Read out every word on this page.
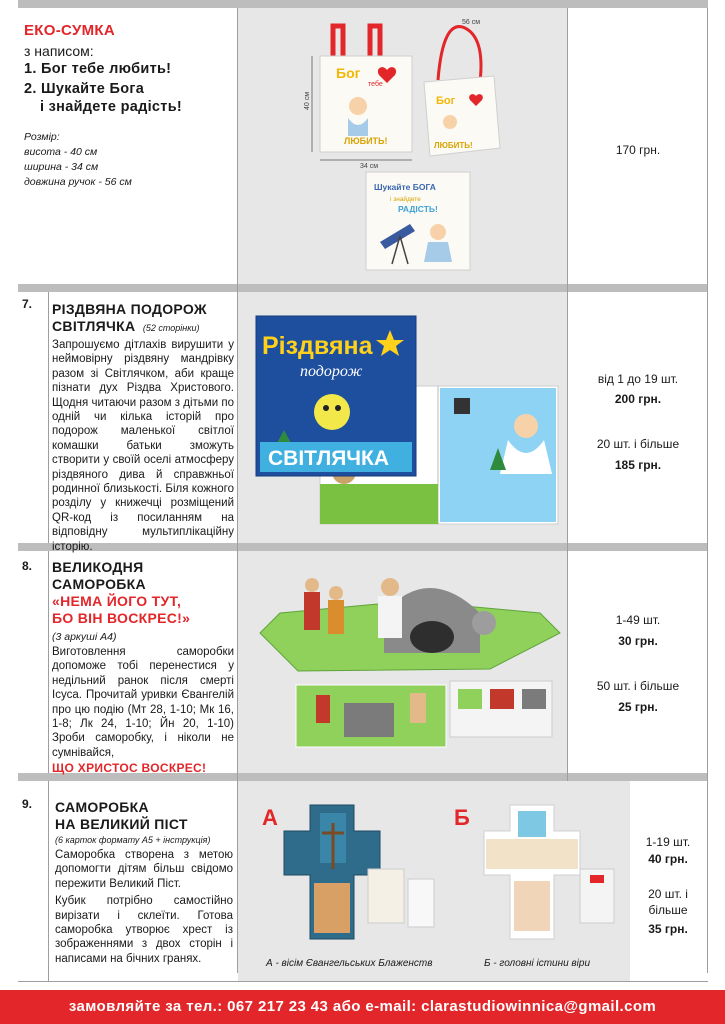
ЕКО-СУМКА
з написом:
1. Бог тебе любить!
2. Шукайте Бога
і знайдете радість!
Розмір:
висота - 40 см
ширина - 34 см
довжина ручок - 56 см
Бог
тебе
ЛЮБИТЬ!
40 см
34 см
Бог
ЛЮБИТЬ!
56 см
Шукайте БОГА
і знайдете
РАДІСТЬ!
170 грн.
7. РІЗДВЯНА ПОДОРОЖ
СВІТЛЯЧКА (52 сторінки)
Запрошуємо дітлахів вирушити у неймовірну різдвяну мандрівку разом зі Світлячком, аби краще пізнати дух Різдва Христового. Щодня читаючи разом з дітьми по одній чи кілька історій про подорож маленької світлої комашки батьки зможуть створити у своїй оселі атмосферу різдвяного дива й справжньої родинної близькості. Біля кожного розділу у книжечці розміщений QR-код із посиланням на відповідну мультиплікаційну історію.
Різдвяна
подорож
СВІТЛЯЧКА
від 1 до 19 шт.
200 грн.
20 шт. і більше
185 грн.
8. ВЕЛИКОДНЯ САМОРОБКА
«НЕМА ЙОГО ТУТ,
БО ВІН ВОСКРЕС!»
(3 аркуші А4)
Виготовлення саморобки допоможе тобі перенестися у недільний ранок після смерті Ісуса. Прочитай уривки Євангелій про цю подію (Мт 28, 1-10; Мк 16, 1-8; Лк 24, 1-10; Йн 20, 1-10) Зроби саморобку, і ніколи не сумнівайся,
ЩО ХРИСТОС ВОСКРЕС!
1-49 шт.
30 грн.
50 шт. і більше
25 грн.
9. САМОРОБКА
НА ВЕЛИКИЙ ПІСТ
(6 карток формату А5 + інструкція)
Саморобка створена з метою допомогти дітям більш свідомо пережити Великий Піст.
Кубик потрібно самостійно вирізати і склеїти. Готова саморобка утворює хрест із зображеннями з двох сторін і написами на бічних гранях.
А
А - вісім Євангельських Блаженств
Б
Б - головні істини віри
1-19 шт.
40 грн.
20 шт. і більше
35 грн.
замовляйте за тел.: 067 217 23 43 або e-mail: clarastudiowinnica@gmail.com
